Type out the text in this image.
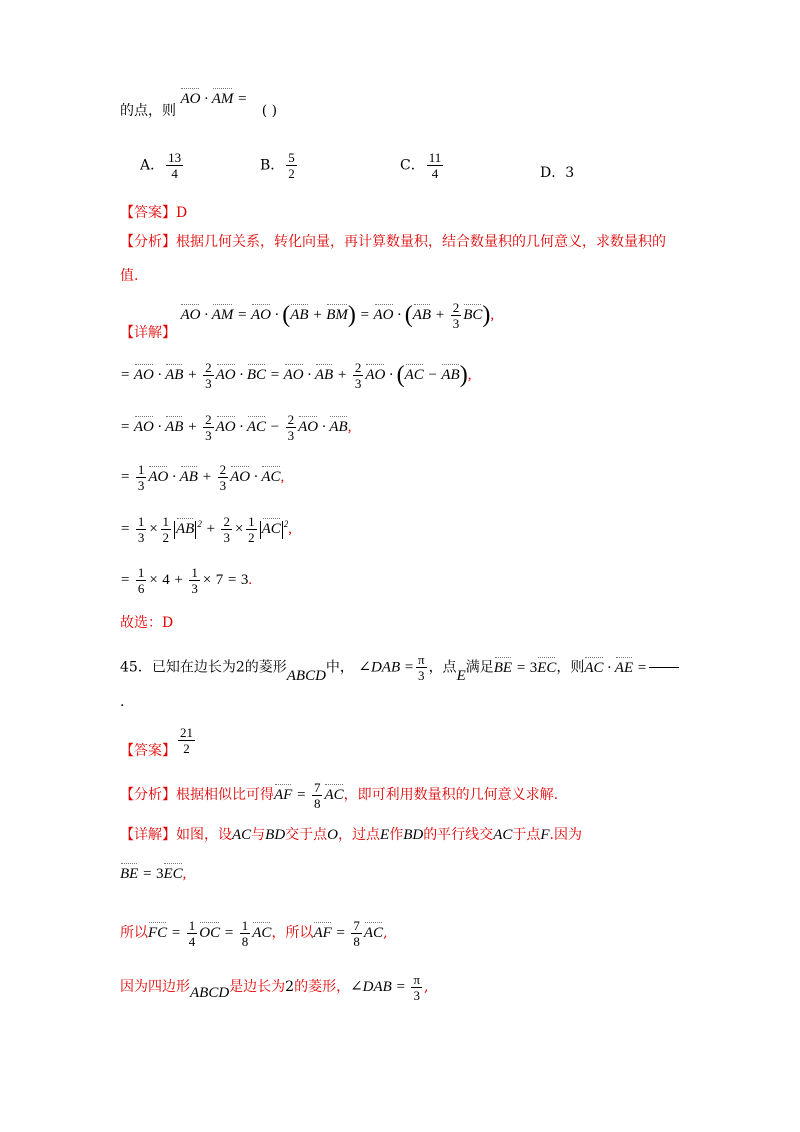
的点，则 AO · AM = ( )
A． $\frac{13}{4}$	B． $\frac{5}{2}$	C． $\frac{11}{4}$	D．3
【答案】D
【分析】根据几何关系，转化向量，再计算数量积，结合数量积的几何意义，求数量积的
值.
【详解】 AO · AM = AO · (AB + BM) = AO · $(AB + \frac{2}{3} BC)$,
= AO · AB + $\frac{2}{3}$ AO · BC = AO · AB + $\frac{2}{3}$ AO · (AC − AB),
= AO · AB + $\frac{2}{3}$ AO · AC − $\frac{2}{3}$ AO · AB,
= $\frac{1}{3}$ AO · AB + $\frac{2}{3}$ AO · AC,
= $\frac{1}{3} \times \frac{1}{2}$ AB $^2 + \frac{2}{3} \times \frac{1}{2}$ AC $^2$,
= $\frac{1}{6} \times 4 + \frac{1}{3} \times 7 = 3$.
故选：D
45．已知在边长为2的菱形ABCD中， ∠DAB = $\frac{\pi}{3}$ ，点E满足BE = 3EC，则AC · AE =
.
【答案】 $\frac{21}{2}$
【分析】根据相似比可得AF = $\frac{7}{8}$ AC，即可利用数量积的几何意义求解.
【详解】如图，设AC与BD交于点O，过点E作BD的平行线交AC于点F.因为
BE = 3EC,
所以FC = $\frac{1}{4}$ OC = $\frac{1}{8}$ AC，所以AF = $\frac{7}{8}$ AC,
因为四边形ABCD是边长为2的菱形，∠DAB = $\frac{\pi}{3}$ ,
